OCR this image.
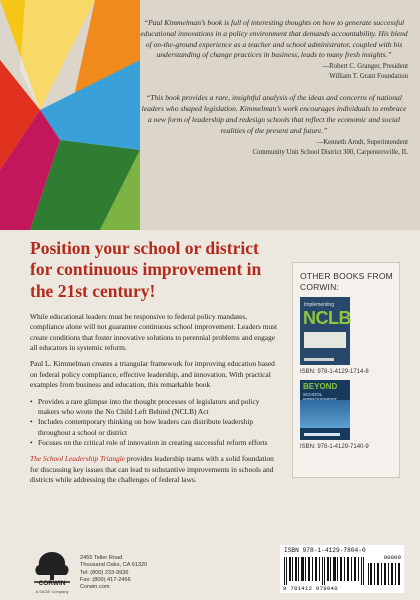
“Paul Kimmelman’s book is full of interesting thoughts on how to generate successful educational innovations in a policy environment that demands accountability. His blend of on-the-ground experience as a teacher and school administrator, coupled with his understanding of change practices in business, leads to many fresh insights.”

—Robert C. Granger, President

William T. Grant Foundation

“This book provides a rare, insightful analysis of the ideas and concerns of national leaders who shaped legislation. Kimmelman’s work encourages individuals to embrace a new form of leadership and redesign schools that reflect the economic and social realities of the present and future.”

—Kenneth Arndt, Superintendent

Community Unit School District 300, Carpentersville, IL

Position your school or district for continuous improvement in the 21st century!

While educational leaders must be responsive to federal policy mandates, compliance alone will not guarantee continuous school improvement. Leaders must create conditions that foster innovative solutions to perennial problems and engage all educators in systemic reform.

Paul L. Kimmelman creates a triangular framework for improving education based on federal policy compliance, effective leadership, and innovation. With practical examples from business and education, this remarkable book

• Provides a rare glimpse into the thought processes of legislators and policy makers who wrote the No Child Left Behind (NCLB) Act
• Includes contemporary thinking on how leaders can distribute leadership throughout a school or district
• Focuses on the critical role of innovation in creating successful reform efforts

The School Leadership Triangle provides leadership teams with a solid foundation for discussing key issues that can lead to substantive improvements in schools and districts while addressing the challenges of federal laws.

OTHER BOOKS FROM CORWIN:
Implementing
NCLB
ISBN: 978-1-4129-1714-8
BEYOND
SCHOOL
ISBN: 978-1-4129-7140-9
CORWIN
A SAGE Company
2455 Teller Road
Thousand Oaks, CA 91320
Tel: (800) 233-9936
Fax: (800) 417-2466
Corwin.com
ISBN 978-1-4129-7804-0
90000
9 781412 978040
